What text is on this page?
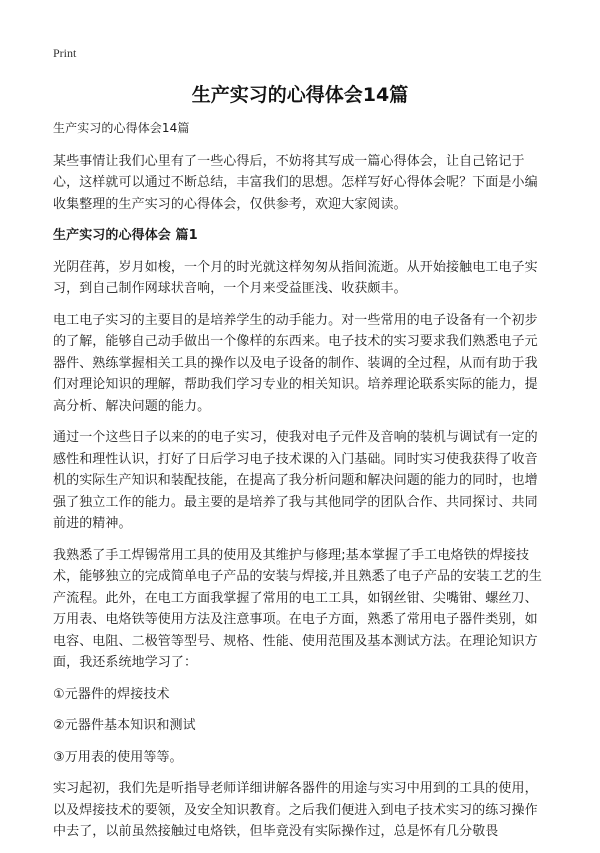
Print
生产实习的心得体会14篇

生产实习的心得体会14篇

某些事情让我们心里有了一些心得后，不妨将其写成一篇心得体会，让自己铭记于心，这样就可以通过不断总结，丰富我们的思想。怎样写好心得体会呢？下面是小编收集整理的生产实习的心得体会，仅供参考，欢迎大家阅读。

生产实习的心得体会 篇1

光阴荏苒，岁月如梭，一个月的时光就这样匆匆从指间流逝。从开始接触电工电子实习，到自己制作网球状音响，一个月来受益匪浅、收获颇丰。

电工电子实习的主要目的是培养学生的动手能力。对一些常用的电子设备有一个初步的了解，能够自己动手做出一个像样的东西来。电子技术的实习要求我们熟悉电子元器件、熟练掌握相关工具的操作以及电子设备的制作、装调的全过程，从而有助于我们对理论知识的理解，帮助我们学习专业的相关知识。培养理论联系实际的能力，提高分析、解决问题的能力。

通过一个这些日子以来的的电子实习，使我对电子元件及音响的装机与调试有一定的感性和理性认识，打好了日后学习电子技术课的入门基础。同时实习使我获得了收音机的实际生产知识和装配技能，在提高了我分析问题和解决问题的能力的同时，也增强了独立工作的能力。最主要的是培养了我与其他同学的团队合作、共同探讨、共同前进的精神。

我熟悉了手工焊锡常用工具的使用及其维护与修理;基本掌握了手工电烙铁的焊接技术，能够独立的完成简单电子产品的安装与焊接,并且熟悉了电子产品的安装工艺的生产流程。此外，在电工方面我掌握了常用的电工工具，如钢丝钳、尖嘴钳、螺丝刀、万用表、电烙铁等使用方法及注意事项。在电子方面，熟悉了常用电子器件类别，如电容、电阻、二极管等型号、规格、性能、使用范围及基本测试方法。在理论知识方面，我还系统地学习了：

①元器件的焊接技术

②元器件基本知识和测试

③万用表的使用等等。

实习起初，我们先是听指导老师详细讲解各器件的用途与实习中用到的工具的使用，以及焊接技术的要领，及安全知识教育。之后我们便进入到电子技术实习的练习操作中去了，以前虽然接触过电烙铁，但毕竟没有实际操作过，总是怀有几分敬畏
